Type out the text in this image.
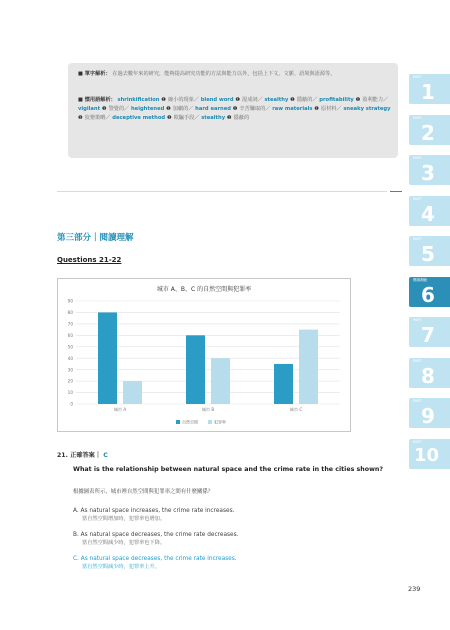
■ 單字解析： 在過去數年來的研究，能夠提高研究功能的方法與能力以外，包括上下文、文脈、語境與語源等。
■ 慣用語解析： shrinkification ❶ 縮小的現象／ blend word ❶ 混成詞／ stealthy ❶ 隱蔽的／ profitability ❶ 盈利能力／ vigilant ❶ 警覺的／ heightened ❶ 加劇的／ hard earned ❶ 辛苦賺取的／ raw materials ❶ 原材料／ sneaky strategy ❶ 狡猾策略／ deceptive method ❶ 欺騙手段／ stealthy ❶ 隱蔽的
第三部分｜閱讀理解
Questions 21-22
城市 A、B、C 的自然空間與犯罪率
0
10
20
30
40
50
60
70
80
90
城市 A	城市 B	城市 C
自然空間	犯罪率
21. 正確答案｜ C
What is the relationship between natural space and the crime rate in the cities shown?
根據圖表所示，城市裡自然空間與犯罪率之間有什麼關係？
A. As natural space increases, the crime rate increases.
當自然空間增加時，犯罪率也增加。
B. As natural space decreases, the crime rate decreases.
當自然空間減少時，犯罪率也下降。
C. As natural space decreases, the crime rate increases.
當自然空間減少時，犯罪率上升。
239
PART
1
PART
2
PART
3
PART
4
PART
5
閱讀測驗
6
PART
7
PART
8
PART
9
PART
10
